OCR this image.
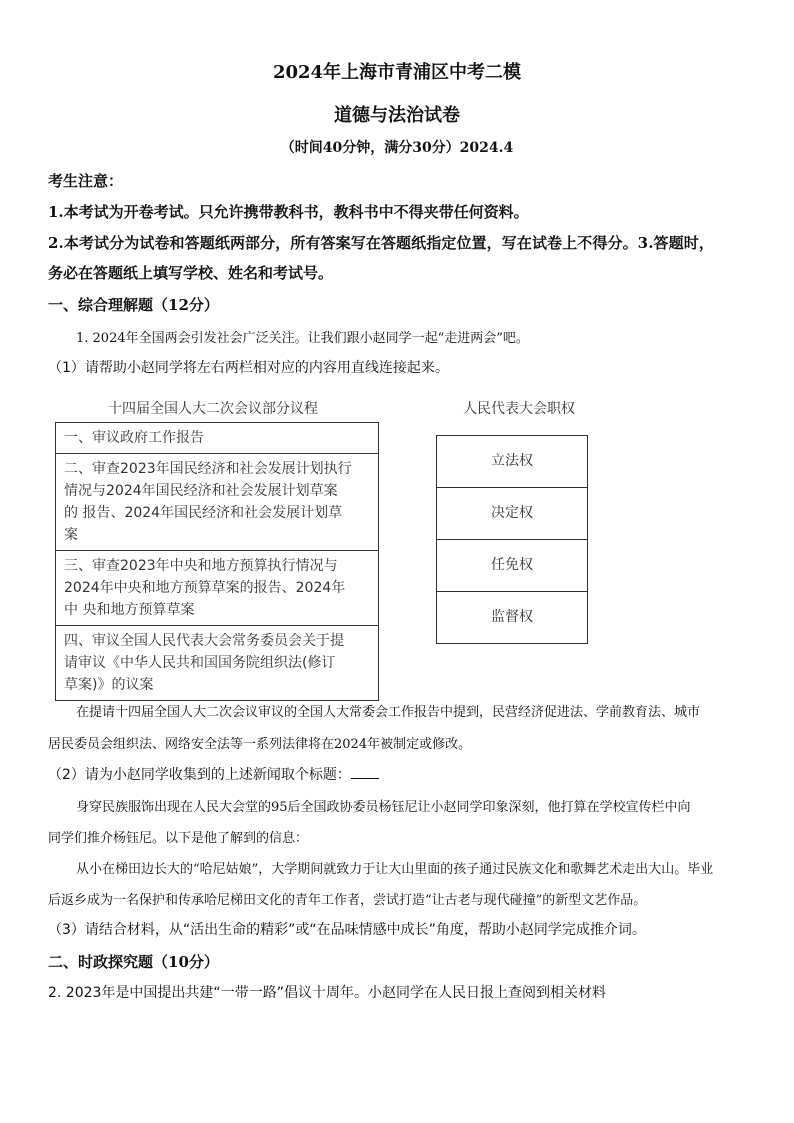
2024年上海市青浦区中考二模
道德与法治试卷
（时间40分钟，满分30分）2024.4
考生注意：
1.本考试为开卷考试。只允许携带教科书，教科书中不得夹带任何资料。
2.本考试分为试卷和答题纸两部分，所有答案写在答题纸指定位置，写在试卷上不得分。3.答题时，
务必在答题纸上填写学校、姓名和考试号。
一、综合理解题（12分）
1. 2024年全国两会引发社会广泛关注。让我们跟小赵同学一起“走进两会”吧。
（1）请帮助小赵同学将左右两栏相对应的内容用直线连接起来。
十四届全国人大二次会议部分议程	人民代表大会职权
一、审议政府工作报告
二、审查2023年国民经济和社会发展计划执行
情况与2024年国民经济和社会发展计划草案
的 报告、2024年国民经济和社会发展计划草
案
三、审查2023年中央和地方预算执行情况与
2024年中央和地方预算草案的报告、2024年
中 央和地方预算草案
四、审议全国人民代表大会常务委员会关于提
请审议《中华人民共和国国务院组织法(修订
草案)》的议案
立法权
决定权
任免权
监督权
在提请十四届全国人大二次会议审议的全国人大常委会工作报告中提到，民营经济促进法、学前教育法、城市
居民委员会组织法、网络安全法等一系列法律将在2024年被制定或修改。
（2）请为小赵同学收集到的上述新闻取个标题：
身穿民族服饰出现在人民大会堂的95后全国政协委员杨钰尼让小赵同学印象深刻，他打算在学校宣传栏中向
同学们推介杨钰尼。以下是他了解到的信息：
从小在梯田边长大的“哈尼姑娘”，大学期间就致力于让大山里面的孩子通过民族文化和歌舞艺术走出大山。毕业
后返乡成为一名保护和传承哈尼梯田文化的青年工作者，尝试打造“让古老与现代碰撞”的新型文艺作品。
（3）请结合材料，从“活出生命的精彩”或“在品味情感中成长”角度，帮助小赵同学完成推介词。
二、时政探究题（10分）
2. 2023年是中国提出共建“一带一路”倡议十周年。小赵同学在人民日报上查阅到相关材料
